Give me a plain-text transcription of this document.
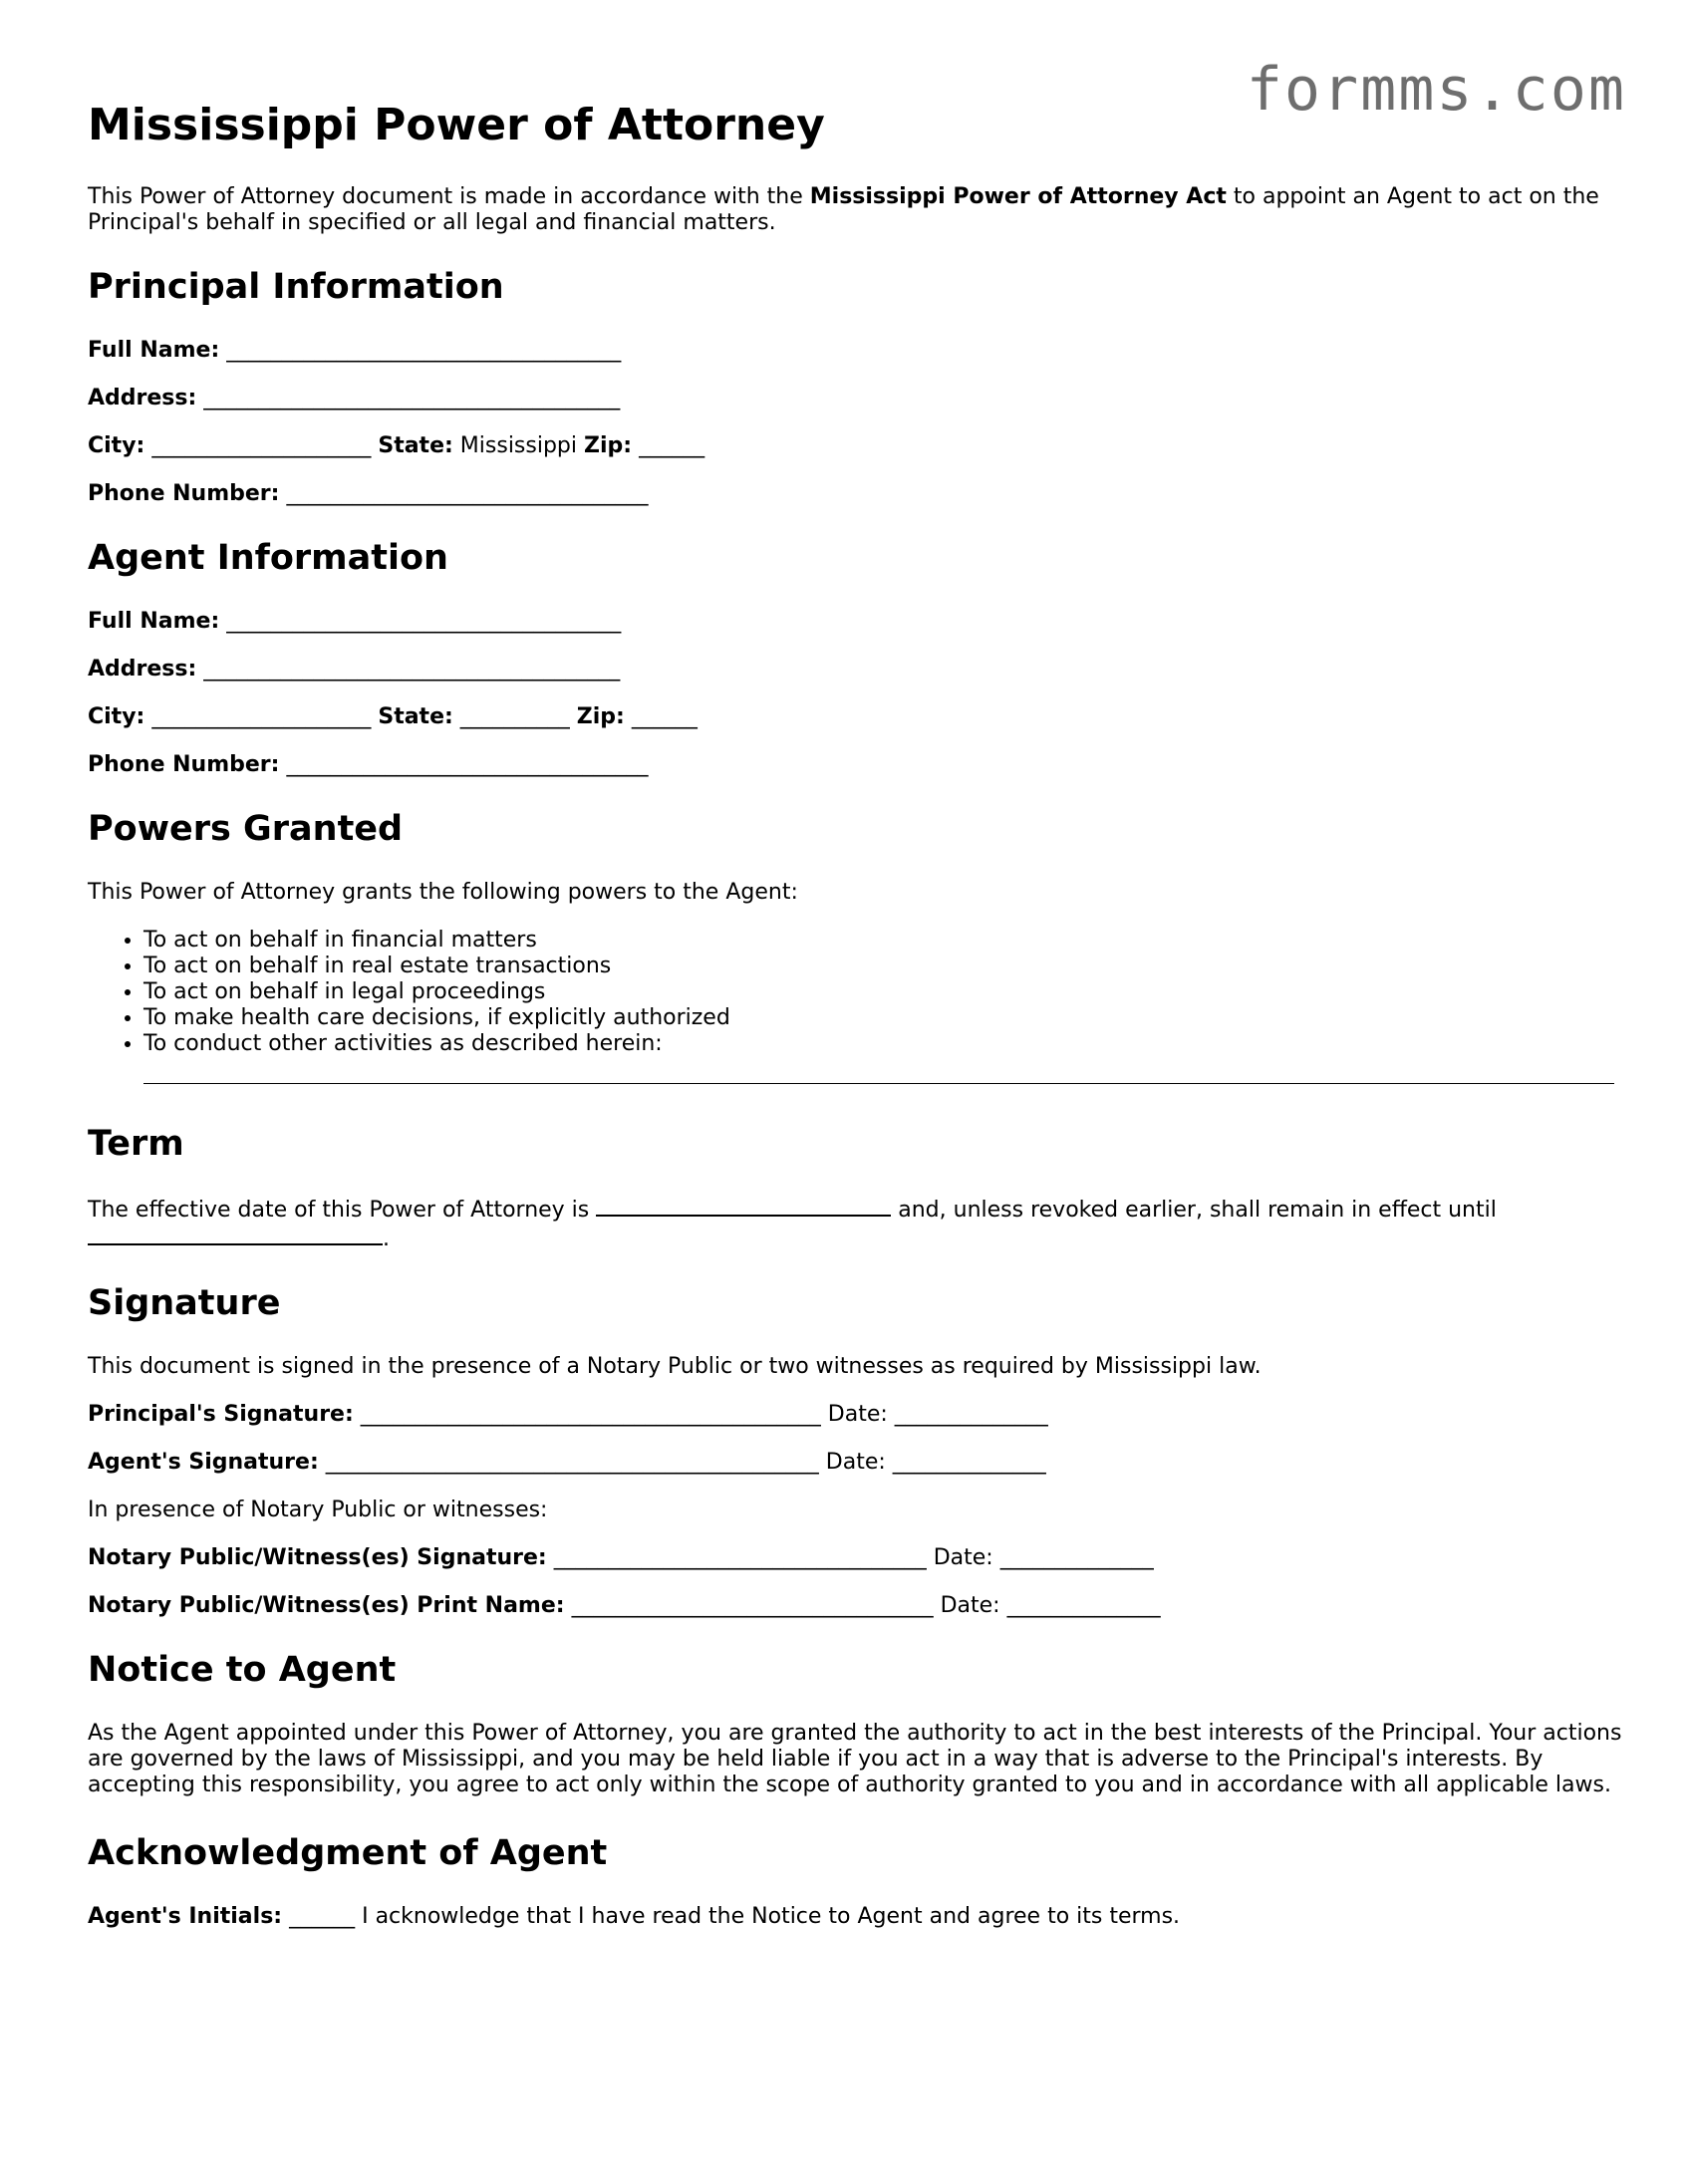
formms.com
Mississippi Power of Attorney

This Power of Attorney document is made in accordance with the Mississippi Power of Attorney Act to appoint an Agent to act on the Principal's behalf in specified or all legal and financial matters.

Principal Information
Full Name: ____________________________________
Address: ______________________________________
City: ____________________ State: Mississippi Zip: ______
Phone Number: _________________________________
Agent Information
Full Name: ____________________________________
Address: ______________________________________
City: ____________________ State: __________ Zip: ______
Phone Number: _________________________________
Powers Granted

This Power of Attorney grants the following powers to the Agent:

• To act on behalf in financial matters
• To act on behalf in real estate transactions
• To act on behalf in legal proceedings
• To make health care decisions, if explicitly authorized
• To conduct other activities as described herein:
Term

The effective date of this Power of Attorney is	and, unless revoked earlier, shall remain in effect until
.

Signature

This document is signed in the presence of a Notary Public or two witnesses as required by Mississippi law.

Principal's Signature: __________________________________________ Date: ______________
Agent's Signature: _____________________________________________ Date: ______________

In presence of Notary Public or witnesses:

Notary Public/Witness(es) Signature: __________________________________ Date: ______________
Notary Public/Witness(es) Print Name: _________________________________ Date: ______________
Notice to Agent

As the Agent appointed under this Power of Attorney, you are granted the authority to act in the best interests of the Principal. Your actions are governed by the laws of Mississippi, and you may be held liable if you act in a way that is adverse to the Principal's interests. By accepting this responsibility, you agree to act only within the scope of authority granted to you and in accordance with all applicable laws.

Acknowledgment of Agent
Agent's Initials: ______ I acknowledge that I have read the Notice to Agent and agree to its terms.
